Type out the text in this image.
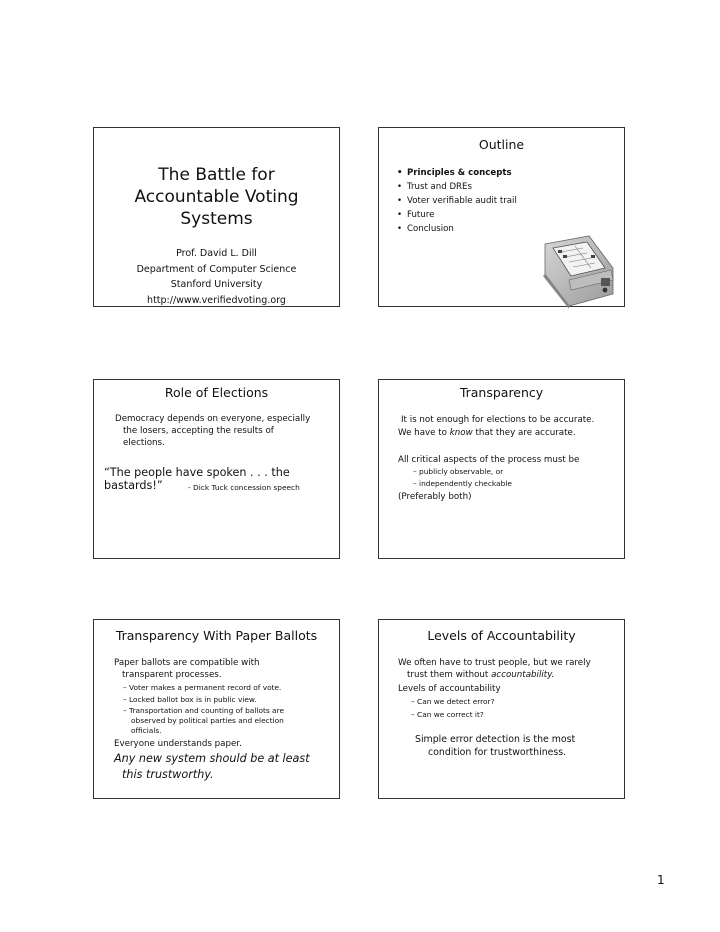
The Battle for
Accountable Voting
Systems
Prof. David L. Dill
Department of Computer Science
Stanford University
http://www.verifiedvoting.org
Outline
• Principles & concepts
• Trust and DREs
• Voter verifiable audit trail
• Future
• Conclusion
Role of Elections
Democracy depends on everyone, especially
the losers, accepting the results of
elections.
“The people have spoken . . . the bastards!”	- Dick Tuck concession speech
Transparency
It is not enough for elections to be accurate.
We have to know that they are accurate.
All critical aspects of the process must be
– publicly observable, or
– independently checkable
(Preferably both)
Transparency With Paper Ballots
Paper ballots are compatible with
transparent processes.
– Voter makes a permanent record of vote.
– Locked ballot box is in public view.
– Transportation and counting of ballots are
observed by political parties and election
officials.
Everyone understands paper.
Any new system should be at least
this trustworthy.
Levels of Accountability
We often have to trust people, but we rarely
trust them without accountability.
Levels of accountability
– Can we detect error?
– Can we correct it?
Simple error detection is the most
condition for trustworthiness.
1
